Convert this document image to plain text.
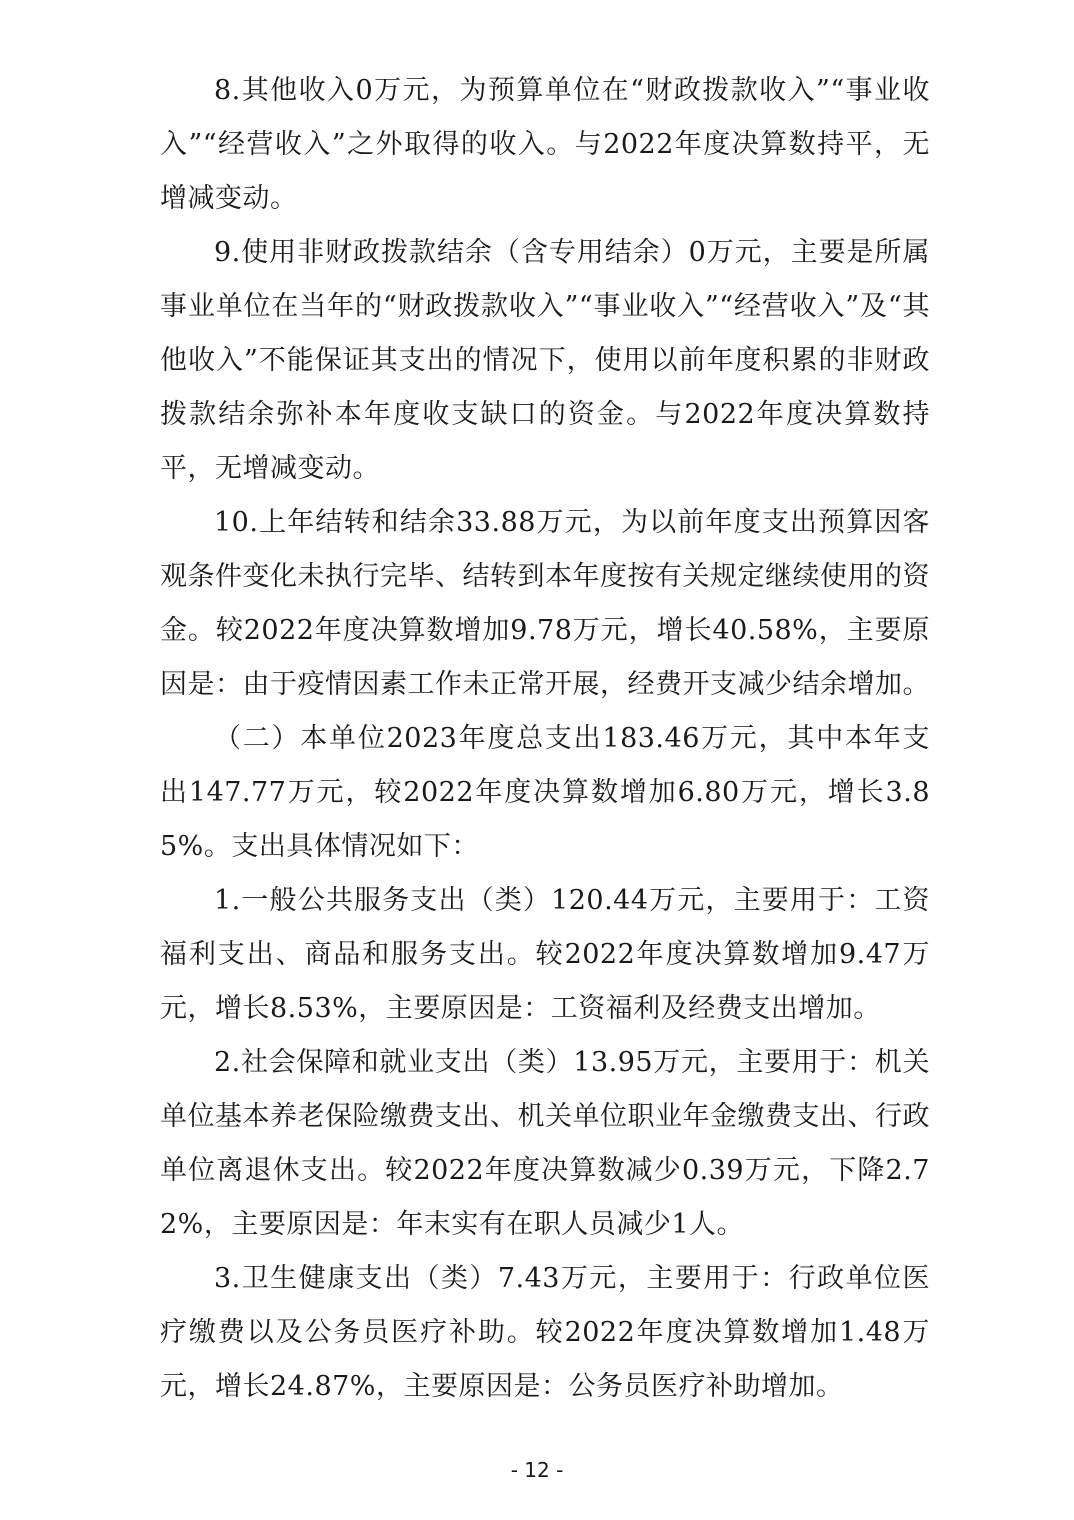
8.其他收入0万元，为预算单位在“财政拨款收入”“事业收入”“经营收入”之外取得的收入。与2022年度决算数持平，无增减变动。

9.使用非财政拨款结余（含专用结余）0万元，主要是所属事业单位在当年的“财政拨款收入”“事业收入”“经营收入”及“其他收入”不能保证其支出的情况下，使用以前年度积累的非财政拨款结余弥补本年度收支缺口的资金。与2022年度决算数持平，无增减变动。

10.上年结转和结余33.88万元，为以前年度支出预算因客观条件变化未执行完毕、结转到本年度按有关规定继续使用的资金。较2022年度决算数增加9.78万元，增长40.58%，主要原因是：由于疫情因素工作未正常开展，经费开支减少结余增加。

（二）本单位2023年度总支出183.46万元，其中本年支出147.77万元，较2022年度决算数增加6.80万元，增长3.85%。支出具体情况如下：

1.一般公共服务支出（类）120.44万元，主要用于：工资福利支出、商品和服务支出。较2022年度决算数增加9.47万元，增长8.53%，主要原因是：工资福利及经费支出增加。

2.社会保障和就业支出（类）13.95万元，主要用于：机关单位基本养老保险缴费支出、机关单位职业年金缴费支出、行政单位离退休支出。较2022年度决算数减少0.39万元，下降2.72%，主要原因是：年末实有在职人员减少1人。

3.卫生健康支出（类）7.43万元，主要用于：行政单位医疗缴费以及公务员医疗补助。较2022年度决算数增加1.48万元，增长24.87%，主要原因是：公务员医疗补助增加。

- 12 -
